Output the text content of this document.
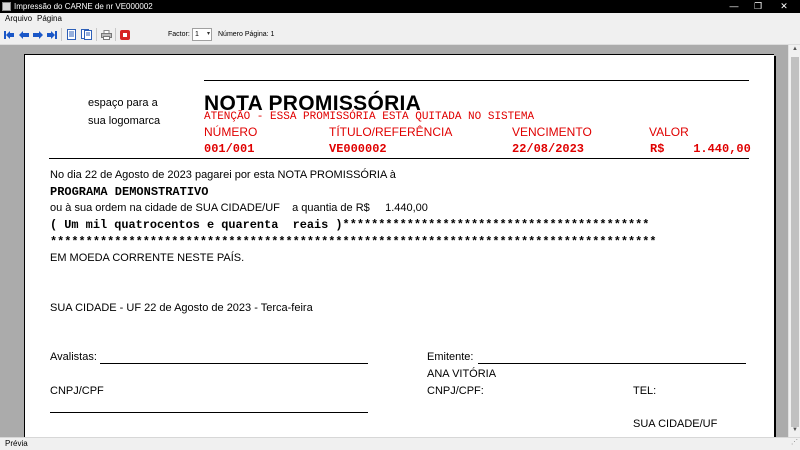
Impressão do CARNE de nr VE000002	—	❐	✕
Arquivo Página
Factor: 1 ▾ Número Página: 1
espaço para a
sua logomarca
NOTA PROMISSÓRIA
ATENÇÃO - ESSA PROMISSÓRIA ESTA QUITADA NO SISTEMA
NÚMERO	TÍTULO/REFERÊNCIA	VENCIMENTO	VALOR
001/001	VE000002	22/08/2023	R$    1.440,00
No dia 22 de Agosto de 2023 pagarei por esta NOTA PROMISSÓRIA à
PROGRAMA DEMONSTRATIVO
ou à sua ordem na cidade de SUA CIDADE/UF    a quantia de R$     1.440,00
( Um mil quatrocentos e quarenta  reais )*******************************************
*************************************************************************************
EM MOEDA CORRENTE NESTE PAÍS.
SUA CIDADE - UF 22 de Agosto de 2023 - Terca-feira
Avalistas:
CNPJ/CPF
Emitente:
ANA VITÓRIA
CNPJ/CPF:	TEL:
SUA CIDADE/UF
▲
▼
Prévia	⋰
